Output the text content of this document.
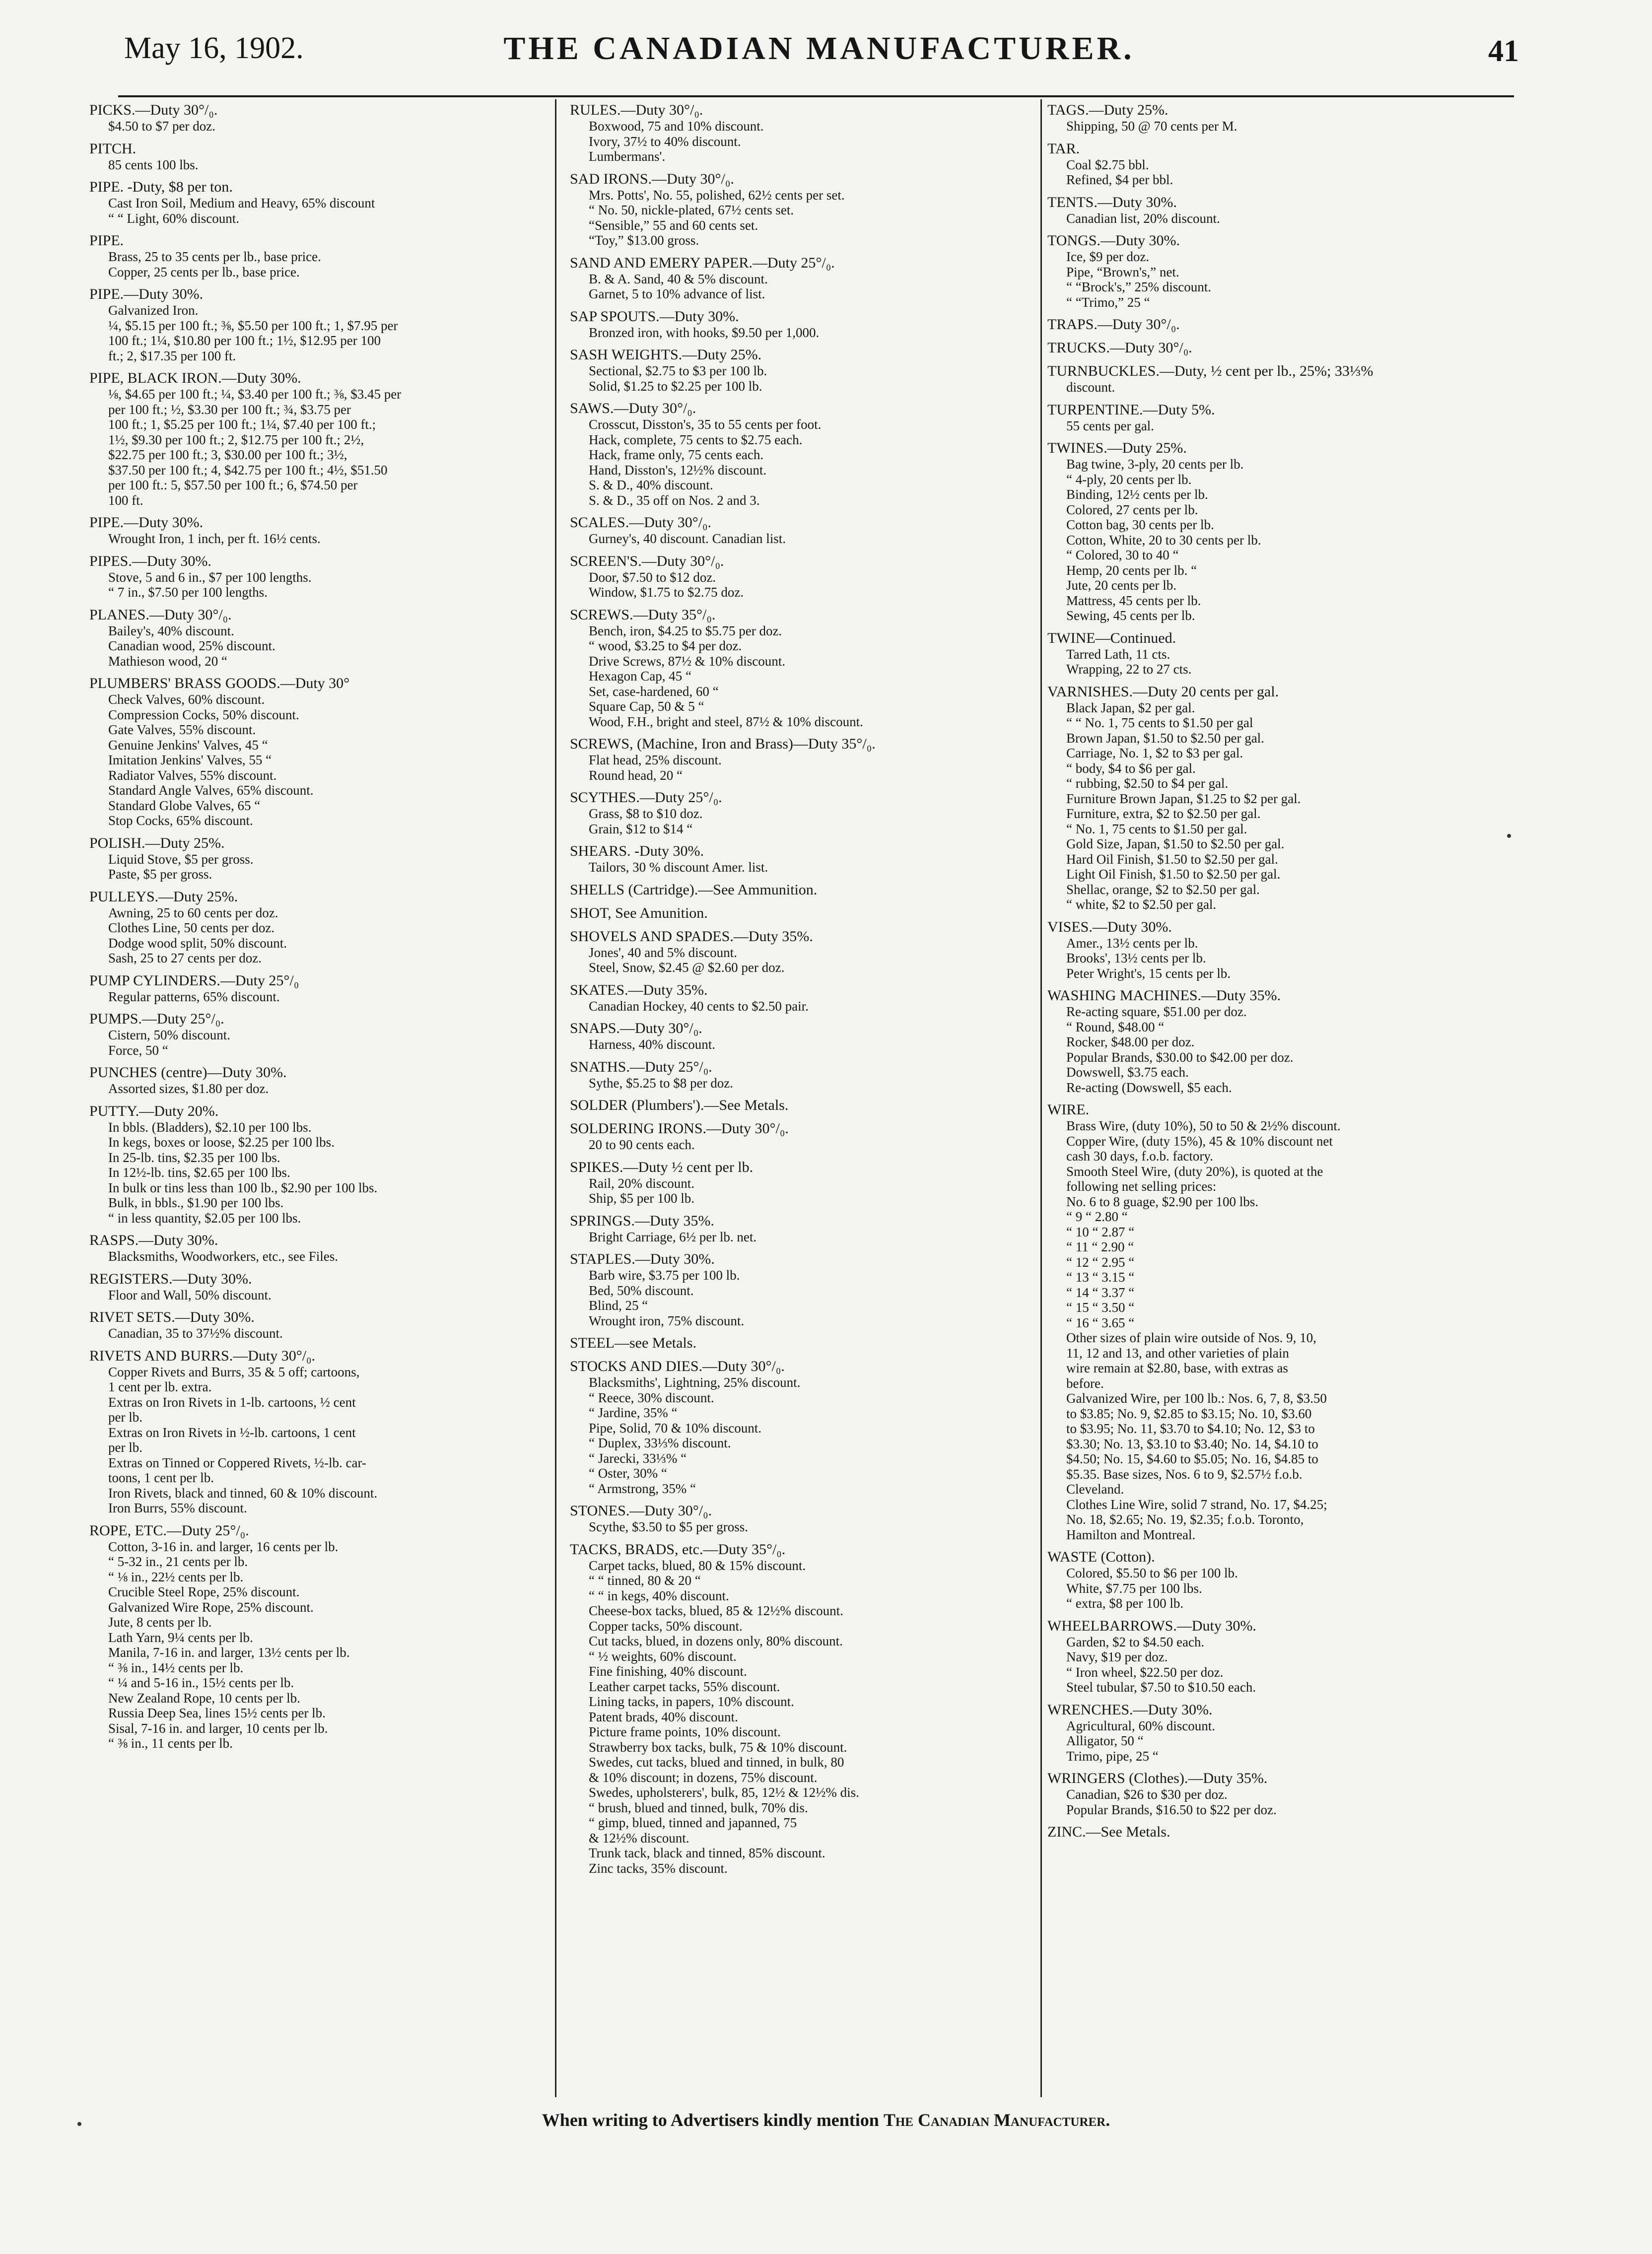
May 16, 1902.	THE CANADIAN MANUFACTURER.	41
PICKS.—Duty 30°/₀.
$4.50 to $7 per doz.
PITCH.
85 cents 100 lbs.
PIPE. -Duty, $8 per ton.
Cast Iron Soil, Medium and Heavy, 65% discount
“ “ Light, 60% discount.
PIPE.
Brass, 25 to 35 cents per lb., base price.
Copper, 25 cents per lb., base price.
PIPE.—Duty 30%.
Galvanized Iron.
¼, $5.15 per 100 ft.; ⅜, $5.50 per 100 ft.; 1, $7.95 per
100 ft.; 1¼, $10.80 per 100 ft.; 1½, $12.95 per 100
ft.; 2, $17.35 per 100 ft.
PIPE, BLACK IRON.—Duty 30%.
⅛, $4.65 per 100 ft.; ¼, $3.40 per 100 ft.; ⅜, $3.45 per
per 100 ft.; ½, $3.30 per 100 ft.; ¾, $3.75 per
100 ft.; 1, $5.25 per 100 ft.; 1¼, $7.40 per 100 ft.;
1½, $9.30 per 100 ft.; 2, $12.75 per 100 ft.; 2½,
$22.75 per 100 ft.; 3, $30.00 per 100 ft.; 3½,
$37.50 per 100 ft.; 4, $42.75 per 100 ft.; 4½, $51.50
per 100 ft.: 5, $57.50 per 100 ft.; 6, $74.50 per
100 ft.
PIPE.—Duty 30%.
Wrought Iron, 1 inch, per ft. 16½ cents.
PIPES.—Duty 30%.
Stove, 5 and 6 in., $7 per 100 lengths.
“ 7 in., $7.50 per 100 lengths.
PLANES.—Duty 30°/₀.
Bailey's, 40% discount.
Canadian wood, 25% discount.
Mathieson wood, 20 “
PLUMBERS' BRASS GOODS.—Duty 30°
Check Valves, 60% discount.
Compression Cocks, 50% discount.
Gate Valves, 55% discount.
Genuine Jenkins' Valves, 45 “
Imitation Jenkins' Valves, 55 “
Radiator Valves, 55% discount.
Standard Angle Valves, 65% discount.
Standard Globe Valves, 65 “
Stop Cocks, 65% discount.
POLISH.—Duty 25%.
Liquid Stove, $5 per gross.
Paste, $5 per gross.
PULLEYS.—Duty 25%.
Awning, 25 to 60 cents per doz.
Clothes Line, 50 cents per doz.
Dodge wood split, 50% discount.
Sash, 25 to 27 cents per doz.
PUMP CYLINDERS.—Duty 25°/₀
Regular patterns, 65% discount.
PUMPS.—Duty 25°/₀.
Cistern, 50% discount.
Force, 50 “
PUNCHES (centre)—Duty 30%.
Assorted sizes, $1.80 per doz.
PUTTY.—Duty 20%.
In bbls. (Bladders), $2.10 per 100 lbs.
In kegs, boxes or loose, $2.25 per 100 lbs.
In 25-lb. tins, $2.35 per 100 lbs.
In 12½-lb. tins, $2.65 per 100 lbs.
In bulk or tins less than 100 lb., $2.90 per 100 lbs.
Bulk, in bbls., $1.90 per 100 lbs.
“ in less quantity, $2.05 per 100 lbs.
RASPS.—Duty 30%.
Blacksmiths, Woodworkers, etc., see Files.
REGISTERS.—Duty 30%.
Floor and Wall, 50% discount.
RIVET SETS.—Duty 30%.
Canadian, 35 to 37½% discount.
RIVETS AND BURRS.—Duty 30°/₀.
Copper Rivets and Burrs, 35 & 5 off; cartoons,
1 cent per lb. extra.
Extras on Iron Rivets in 1-lb. cartoons, ½ cent
per lb.
Extras on Iron Rivets in ½-lb. cartoons, 1 cent
per lb.
Extras on Tinned or Coppered Rivets, ½-lb. car-
toons, 1 cent per lb.
Iron Rivets, black and tinned, 60 & 10% discount.
Iron Burrs, 55% discount.
ROPE, ETC.—Duty 25°/₀.
Cotton, 3-16 in. and larger, 16 cents per lb.
“ 5-32 in., 21 cents per lb.
“ ⅛ in., 22½ cents per lb.
Crucible Steel Rope, 25% discount.
Galvanized Wire Rope, 25% discount.
Jute, 8 cents per lb.
Lath Yarn, 9¼ cents per lb.
Manila, 7-16 in. and larger, 13½ cents per lb.
“ ⅜ in., 14½ cents per lb.
“ ¼ and 5-16 in., 15½ cents per lb.
New Zealand Rope, 10 cents per lb.
Russia Deep Sea, lines 15½ cents per lb.
Sisal, 7-16 in. and larger, 10 cents per lb.
“ ⅜ in., 11 cents per lb.
RULES.—Duty 30°/₀.
Boxwood, 75 and 10% discount.
Ivory, 37½ to 40% discount.
Lumbermans'.
SAD IRONS.—Duty 30°/₀.
Mrs. Potts', No. 55, polished, 62½ cents per set.
“ No. 50, nickle-plated, 67½ cents set.
“Sensible,” 55 and 60 cents set.
“Toy,” $13.00 gross.
SAND AND EMERY PAPER.—Duty 25°/₀.
B. & A. Sand, 40 & 5% discount.
Garnet, 5 to 10% advance of list.
SAP SPOUTS.—Duty 30%.
Bronzed iron, with hooks, $9.50 per 1,000.
SASH WEIGHTS.—Duty 25%.
Sectional, $2.75 to $3 per 100 lb.
Solid, $1.25 to $2.25 per 100 lb.
SAWS.—Duty 30°/₀.
Crosscut, Disston's, 35 to 55 cents per foot.
Hack, complete, 75 cents to $2.75 each.
Hack, frame only, 75 cents each.
Hand, Disston's, 12½% discount.
S. & D., 40% discount.
S. & D., 35 off on Nos. 2 and 3.
SCALES.—Duty 30°/₀.
Gurney's, 40 discount. Canadian list.
SCREEN'S.—Duty 30°/₀.
Door, $7.50 to $12 doz.
Window, $1.75 to $2.75 doz.
SCREWS.—Duty 35°/₀.
Bench, iron, $4.25 to $5.75 per doz.
“ wood, $3.25 to $4 per doz.
Drive Screws, 87½ & 10% discount.
Hexagon Cap, 45 “
Set, case-hardened, 60 “
Square Cap, 50 & 5 “
Wood, F.H., bright and steel, 87½ & 10% discount.
SCREWS, (Machine, Iron and Brass)—Duty 35°/₀.
Flat head, 25% discount.
Round head, 20 “
SCYTHES.—Duty 25°/₀.
Grass, $8 to $10 doz.
Grain, $12 to $14 “
SHEARS. -Duty 30%.
Tailors, 30 % discount Amer. list.
SHELLS (Cartridge).—See Ammunition.
SHOT, See Amunition.
SHOVELS AND SPADES.—Duty 35%.
Jones', 40 and 5% discount.
Steel, Snow, $2.45 @ $2.60 per doz.
SKATES.—Duty 35%.
Canadian Hockey, 40 cents to $2.50 pair.
SNAPS.—Duty 30°/₀.
Harness, 40% discount.
SNATHS.—Duty 25°/₀.
Sythe, $5.25 to $8 per doz.
SOLDER (Plumbers').—See Metals.
SOLDERING IRONS.—Duty 30°/₀.
20 to 90 cents each.
SPIKES.—Duty ½ cent per lb.
Rail, 20% discount.
Ship, $5 per 100 lb.
SPRINGS.—Duty 35%.
Bright Carriage, 6½ per lb. net.
STAPLES.—Duty 30%.
Barb wire, $3.75 per 100 lb.
Bed, 50% discount.
Blind, 25 “
Wrought iron, 75% discount.
STEEL—see Metals.
STOCKS AND DIES.—Duty 30°/₀.
Blacksmiths', Lightning, 25% discount.
“ Reece, 30% discount.
“ Jardine, 35% “
Pipe, Solid, 70 & 10% discount.
“ Duplex, 33⅓% discount.
“ Jarecki, 33⅓% “
“ Oster, 30% “
“ Armstrong, 35% “
STONES.—Duty 30°/₀.
Scythe, $3.50 to $5 per gross.
TACKS, BRADS, etc.—Duty 35°/₀.
Carpet tacks, blued, 80 & 15% discount.
“ “ tinned, 80 & 20 “
“ “ in kegs, 40% discount.
Cheese-box tacks, blued, 85 & 12½% discount.
Copper tacks, 50% discount.
Cut tacks, blued, in dozens only, 80% discount.
“ ½ weights, 60% discount.
Fine finishing, 40% discount.
Leather carpet tacks, 55% discount.
Lining tacks, in papers, 10% discount.
Patent brads, 40% discount.
Picture frame points, 10% discount.
Strawberry box tacks, bulk, 75 & 10% discount.
Swedes, cut tacks, blued and tinned, in bulk, 80
& 10% discount; in dozens, 75% discount.
Swedes, upholsterers', bulk, 85, 12½ & 12½% dis.
“ brush, blued and tinned, bulk, 70% dis.
“ gimp, blued, tinned and japanned, 75
& 12½% discount.
Trunk tack, black and tinned, 85% discount.
Zinc tacks, 35% discount.
TAGS.—Duty 25%.
Shipping, 50 @ 70 cents per M.
TAR.
Coal $2.75 bbl.
Refined, $4 per bbl.
TENTS.—Duty 30%.
Canadian list, 20% discount.
TONGS.—Duty 30%.
Ice, $9 per doz.
Pipe, “Brown's,” net.
“ “Brock's,” 25% discount.
“ “Trimo,” 25 “
TRAPS.—Duty 30°/₀.
TRUCKS.—Duty 30°/₀.
TURNBUCKLES.—Duty, ½ cent per lb., 25%; 33⅓%
discount.
TURPENTINE.—Duty 5%.
55 cents per gal.
TWINES.—Duty 25%.
Bag twine, 3-ply, 20 cents per lb.
“ 4-ply, 20 cents per lb.
Binding, 12½ cents per lb.
Colored, 27 cents per lb.
Cotton bag, 30 cents per lb.
Cotton, White, 20 to 30 cents per lb.
“ Colored, 30 to 40 “
Hemp, 20 cents per lb. “
Jute, 20 cents per lb.
Mattress, 45 cents per lb.
Sewing, 45 cents per lb.
TWINE—Continued.
Tarred Lath, 11 cts.
Wrapping, 22 to 27 cts.
VARNISHES.—Duty 20 cents per gal.
Black Japan, $2 per gal.
“ “ No. 1, 75 cents to $1.50 per gal
Brown Japan, $1.50 to $2.50 per gal.
Carriage, No. 1, $2 to $3 per gal.
“ body, $4 to $6 per gal.
“ rubbing, $2.50 to $4 per gal.
Furniture Brown Japan, $1.25 to $2 per gal.
Furniture, extra, $2 to $2.50 per gal.
“ No. 1, 75 cents to $1.50 per gal.
Gold Size, Japan, $1.50 to $2.50 per gal.
Hard Oil Finish, $1.50 to $2.50 per gal.
Light Oil Finish, $1.50 to $2.50 per gal.
Shellac, orange, $2 to $2.50 per gal.
“ white, $2 to $2.50 per gal.
VISES.—Duty 30%.
Amer., 13½ cents per lb.
Brooks', 13½ cents per lb.
Peter Wright's, 15 cents per lb.
WASHING MACHINES.—Duty 35%.
Re-acting square, $51.00 per doz.
“ Round, $48.00 “
Rocker, $48.00 per doz.
Popular Brands, $30.00 to $42.00 per doz.
Dowswell, $3.75 each.
Re-acting (Dowswell, $5 each.
WIRE.
Brass Wire, (duty 10%), 50 to 50 & 2½% discount.
Copper Wire, (duty 15%), 45 & 10% discount net
cash 30 days, f.o.b. factory.
Smooth Steel Wire, (duty 20%), is quoted at the
following net selling prices:
No. 6 to 8 guage, $2.90 per 100 lbs.
“ 9 “ 2.80 “
“ 10 “ 2.87 “
“ 11 “ 2.90 “
“ 12 “ 2.95 “
“ 13 “ 3.15 “
“ 14 “ 3.37 “
“ 15 “ 3.50 “
“ 16 “ 3.65 “
Other sizes of plain wire outside of Nos. 9, 10,
11, 12 and 13, and other varieties of plain
wire remain at $2.80, base, with extras as
before.
Galvanized Wire, per 100 lb.: Nos. 6, 7, 8, $3.50
to $3.85; No. 9, $2.85 to $3.15; No. 10, $3.60
to $3.95; No. 11, $3.70 to $4.10; No. 12, $3 to
$3.30; No. 13, $3.10 to $3.40; No. 14, $4.10 to
$4.50; No. 15, $4.60 to $5.05; No. 16, $4.85 to
$5.35. Base sizes, Nos. 6 to 9, $2.57½ f.o.b.
Cleveland.
Clothes Line Wire, solid 7 strand, No. 17, $4.25;
No. 18, $2.65; No. 19, $2.35; f.o.b. Toronto,
Hamilton and Montreal.
WASTE (Cotton).
Colored, $5.50 to $6 per 100 lb.
White, $7.75 per 100 lbs.
“ extra, $8 per 100 lb.
WHEELBARROWS.—Duty 30%.
Garden, $2 to $4.50 each.
Navy, $19 per doz.
“ Iron wheel, $22.50 per doz.
Steel tubular, $7.50 to $10.50 each.
WRENCHES.—Duty 30%.
Agricultural, 60% discount.
Alligator, 50 “
Trimo, pipe, 25 “
WRINGERS (Clothes).—Duty 35%.
Canadian, $26 to $30 per doz.
Popular Brands, $16.50 to $22 per doz.
ZINC.—See Metals.
When writing to Advertisers kindly mention The Canadian Manufacturer.
